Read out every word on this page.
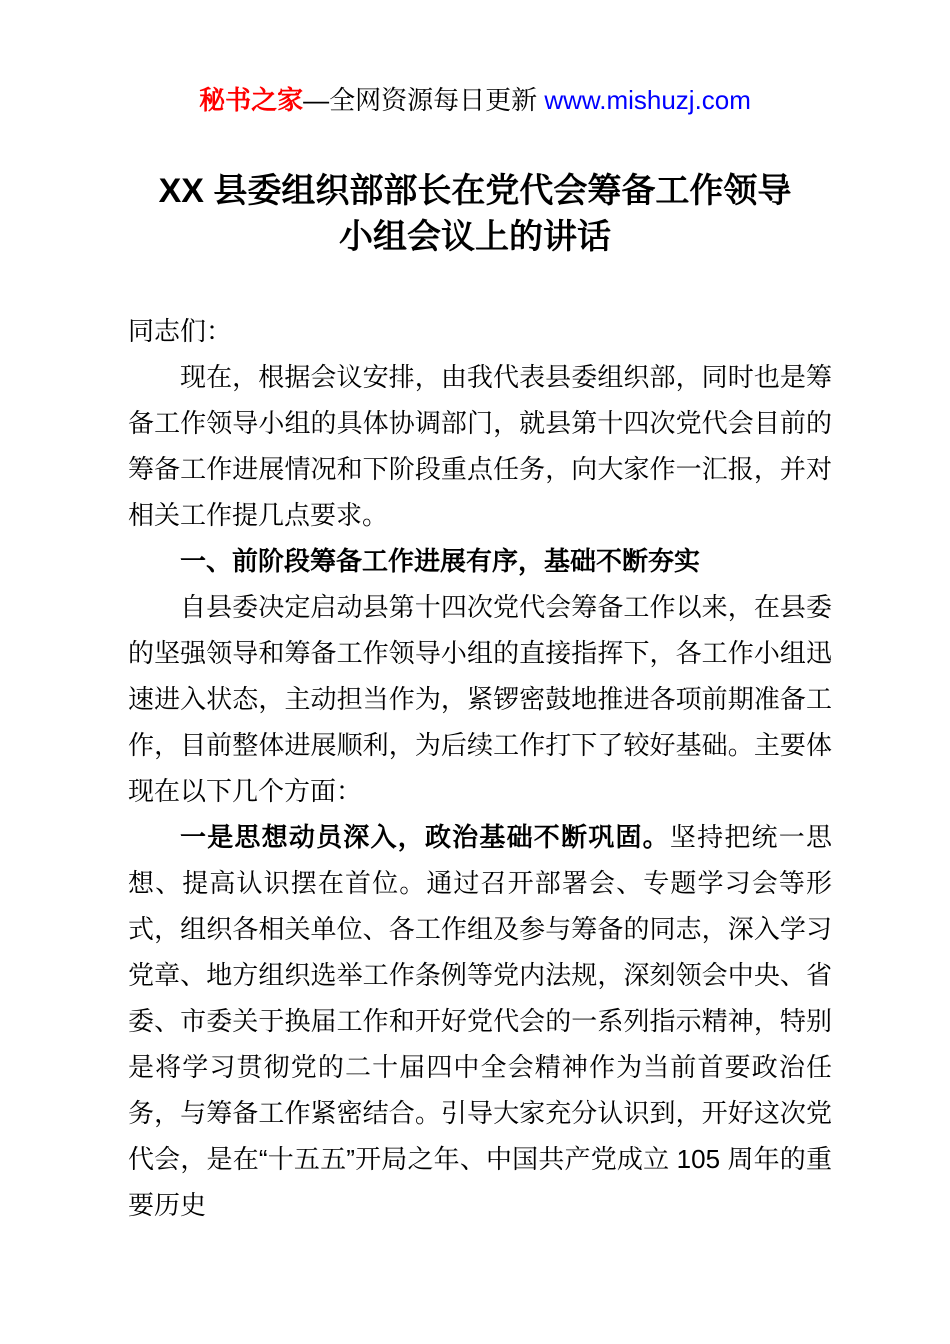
秘书之家—全网资源每日更新 www.mishuzj.com
XX 县委组织部部长在党代会筹备工作领导小组会议上的讲话

同志们：

现在，根据会议安排，由我代表县委组织部，同时也是筹备工作领导小组的具体协调部门，就县第十四次党代会目前的筹备工作进展情况和下阶段重点任务，向大家作一汇报，并对相关工作提几点要求。

一、前阶段筹备工作进展有序，基础不断夯实

自县委决定启动县第十四次党代会筹备工作以来，在县委的坚强领导和筹备工作领导小组的直接指挥下，各工作小组迅速进入状态，主动担当作为，紧锣密鼓地推进各项前期准备工作，目前整体进展顺利，为后续工作打下了较好基础。主要体现在以下几个方面：

一是思想动员深入，政治基础不断巩固。坚持把统一思想、提高认识摆在首位。通过召开部署会、专题学习会等形式，组织各相关单位、各工作组及参与筹备的同志，深入学习党章、地方组织选举工作条例等党内法规，深刻领会中央、省委、市委关于换届工作和开好党代会的一系列指示精神，特别是将学习贯彻党的二十届四中全会精神作为当前首要政治任务，与筹备工作紧密结合。引导大家充分认识到，开好这次党代会，是在“十五五”开局之年、中国共产党成立 105 周年的重要历史
